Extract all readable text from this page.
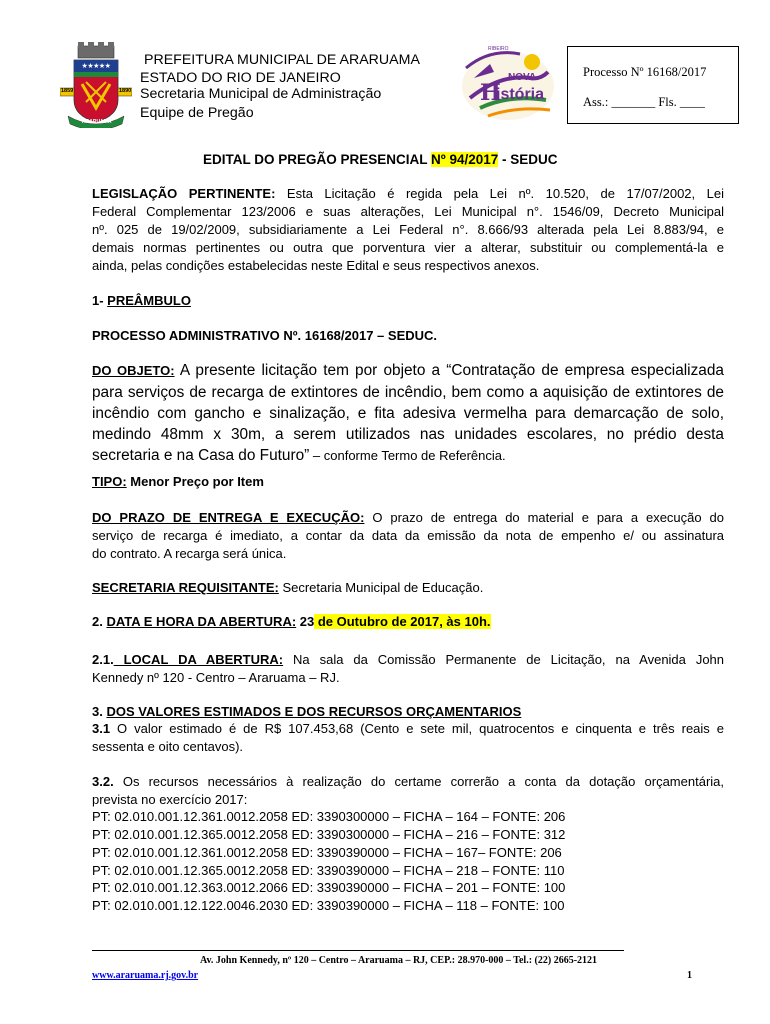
★★★★★
1859	1890
ARARUAMA
PREFEITURA MUNICIPAL DE ARARUAMA
ESTADO DO RIO DE JANEIRO
Secretaria Municipal de Administração
Equipe de Pregão
RIBEIRO
NOVA
H
istória
Processo Nº 16168/2017
Ass.: _______ Fls. ____
EDITAL DO PREGÃO PRESENCIAL Nº 94/2017 - SEDUC
LEGISLAÇÃO PERTINENTE: Esta Licitação é regida pela Lei nº. 10.520, de 17/07/2002, Lei
Federal Complementar 123/2006 e suas alterações, Lei Municipal n°. 1546/09, Decreto Municipal
nº. 025 de 19/02/2009, subsidiariamente a Lei Federal n°. 8.666/93 alterada pela Lei 8.883/94, e
demais normas pertinentes ou outra que porventura vier a alterar, substituir ou complementá-la e
ainda, pelas condições estabelecidas neste Edital e seus respectivos anexos.
1- PREÂMBULO
PROCESSO ADMINISTRATIVO Nº. 16168/2017 – SEDUC.
DO OBJETO: A presente licitação tem por objeto a “Contratação de empresa especializada
para serviços de recarga de extintores de incêndio, bem como a aquisição de extintores de
incêndio com gancho e sinalização, e fita adesiva vermelha para demarcação de solo,
medindo 48mm x 30m, a serem utilizados nas unidades escolares, no prédio desta
secretaria e na Casa do Futuro” – conforme Termo de Referência.
TIPO: Menor Preço por Item
DO PRAZO DE ENTREGA E EXECUÇÃO: O prazo de entrega do material e para a execução do
serviço de recarga é imediato, a contar da data da emissão da nota de empenho e/ ou assinatura
do contrato. A recarga será única.
SECRETARIA REQUISITANTE: Secretaria Municipal de Educação.
2. DATA E HORA DA ABERTURA: 23 de Outubro de 2017, às 10h.
2.1. LOCAL DA ABERTURA: Na sala da Comissão Permanente de Licitação, na Avenida John
Kennedy nº 120 - Centro – Araruama – RJ.
3. DOS VALORES ESTIMADOS E DOS RECURSOS ORÇAMENTARIOS
3.1 O valor estimado é de R$ 107.453,68 (Cento e sete mil, quatrocentos e cinquenta e três reais e
sessenta e oito centavos).
3.2. Os recursos necessários à realização do certame correrão a conta da dotação orçamentária,
prevista no exercício 2017:
PT: 02.010.001.12.361.0012.2058 ED: 3390300000 – FICHA – 164 – FONTE: 206
PT: 02.010.001.12.365.0012.2058 ED: 3390300000 – FICHA – 216 – FONTE: 312
PT: 02.010.001.12.361.0012.2058 ED: 3390390000 – FICHA – 167– FONTE: 206
PT: 02.010.001.12.365.0012.2058 ED: 3390390000 – FICHA – 218 – FONTE: 110
PT: 02.010.001.12.363.0012.2066 ED: 3390390000 – FICHA – 201 – FONTE: 100
PT: 02.010.001.12.122.0046.2030 ED: 3390390000 – FICHA – 118 – FONTE: 100
Av. John Kennedy, nº 120 – Centro – Araruama – RJ, CEP.: 28.970-000 – Tel.: (22) 2665-2121
www.araruama.rj.gov.br	1
